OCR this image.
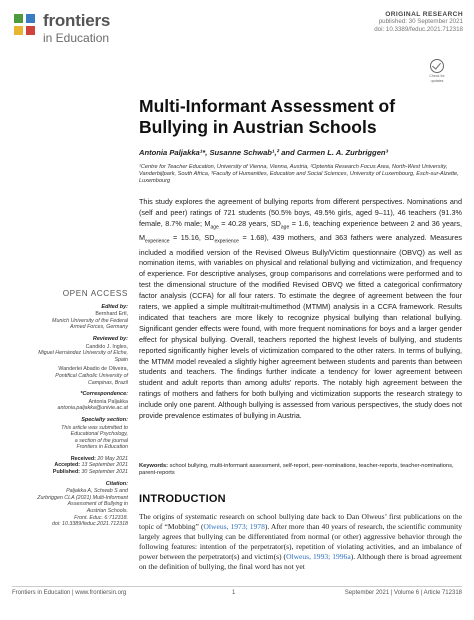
frontiers
in Education
ORIGINAL RESEARCH
published: 30 September 2021
doi: 10.3389/feduc.2021.712318
Check for
updates
Multi-Informant Assessment of Bullying in Austrian Schools
Antonia Paljakka¹*, Susanne Schwab¹,² and Carmen L. A. Zurbriggen³
¹Centre for Teacher Education, University of Vienna, Vienna, Austria, ²Optentia Research Focus Area, North-West University, Vanderbijlpark, South Africa, ³Faculty of Humanities, Education and Social Sciences, University of Luxembourg, Esch-sur-Alzette, Luxembourg
This study explores the agreement of bullying reports from different perspectives. Nominations and (self and peer) ratings of 721 students (50.5% boys, 49.5% girls, aged 9–11), 46 teachers (91.3% female, 8.7% male; $M_{age} = 40.28$ years, $SD_{age} = 1.6$, teaching experience between 2 and 36 years, $M_{experience} = 15.16$, $SD_{experience} = 1.68$), 439 mothers, and 363 fathers were analyzed. Measures included a modified version of the Revised Olweus Bully/Victim questionnaire (OBVQ) as well as nomination items, with variables on physical and relational bullying and victimization, and frequency of experience. For descriptive analyses, group comparisons and correlations were performed and to test the dimensional structure of the modified Revised OBVQ we fitted a categorical confirmatory factor analysis (CCFA) for all four raters. To estimate the degree of agreement between the four raters, we applied a simple multitrait-multimethod (MTMM) analysis in a CCFA framework. Results indicated that teachers are more likely to recognize physical bullying than relational bullying. Significant gender effects were found, with more frequent nominations for boys and a larger gender effect for physical bullying. Overall, teachers reported the highest levels of bullying, and students reported significantly higher levels of victimization compared to the other raters. In terms of bullying, the MTMM model revealed a slightly higher agreement between students and parents than between students and teachers. The findings further indicate a tendency for lower agreement between student and adult reports than among adults’ reports. The notably high agreement between the ratings of mothers and fathers for both bullying and victimization supports the research strategy to include only one parent. Although bullying is assessed from various perspectives, the study does not provide prevalence estimates of bullying in Austria.
Keywords: school bullying, multi-informant assessment, self-report, peer-nominations, teacher-reports, teacher-nominations, parent-reports
INTRODUCTION
The origins of systematic research on school bullying date back to Dan Olweus’ first publications on the topic of “Mobbing” (Olweus, 1973; 1978). After more than 40 years of research, the scientific community largely agrees that bullying can be differentiated from normal (or other) aggressive behavior through the following features: intention of the perpetrator(s), repetition of violating activities, and an imbalance of power between the perpetrator(s) and victim(s) (Olweus, 1993; 1996a). Although there is broad agreement on the definition of bullying, the final word has not yet
OPEN ACCESS
Edited by:
Bernhard Ertl,
Munich University of the Federal
Armed Forces, Germany
Reviewed by:
Candido J. Ingles,
Miguel Hernández University of Elche,
Spain
Wanderlei Abadio de Oliveira,
Pontifical Catholic University of
Campinas, Brazil
*Correspondence:
Antonia Paljakka
antonia.paljakka@univie.ac.at
Specialty section:
This article was submitted to
Educational Psychology,
a section of the journal
Frontiers in Education
Received: 20 May 2021
Accepted: 13 September 2021
Published: 30 September 2021
Citation:
Paljakka A, Schwab S and
Zurbriggen CLA (2021) Multi-Informant
Assessment of Bullying in
Austrian Schools.
Front. Educ. 6:712318.
doi: 10.3389/feduc.2021.712318
Frontiers in Education | www.frontiersin.org	1	September 2021 | Volume 6 | Article 712318
